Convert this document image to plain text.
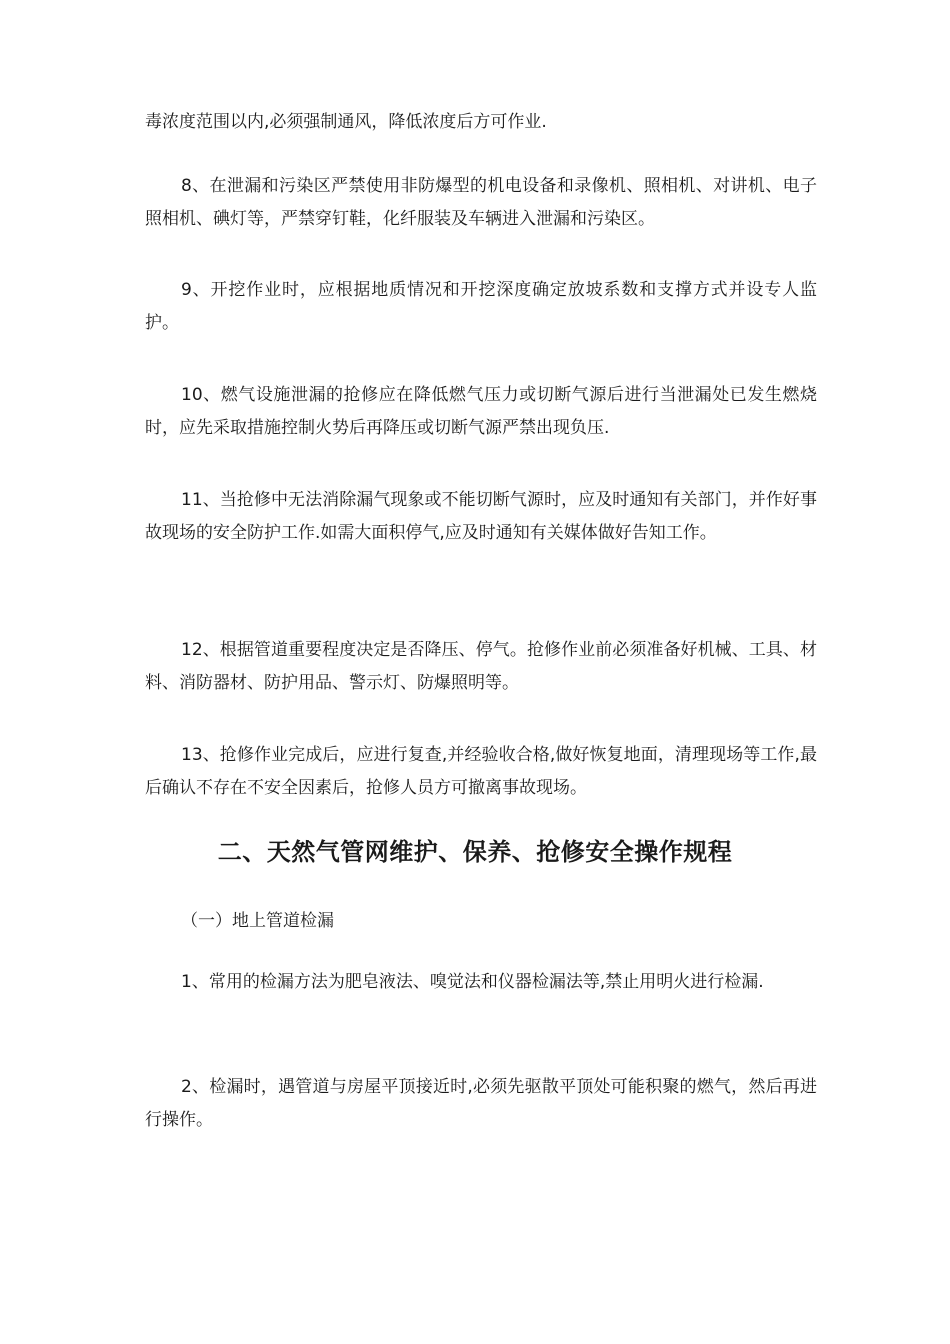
毒浓度范围以内,必须强制通风，降低浓度后方可作业.

8、在泄漏和污染区严禁使用非防爆型的机电设备和录像机、照相机、对讲机、电子照相机、碘灯等，严禁穿钉鞋，化纤服装及车辆进入泄漏和污染区。

9、开挖作业时，应根据地质情况和开挖深度确定放坡系数和支撑方式并设专人监护。

10、燃气设施泄漏的抢修应在降低燃气压力或切断气源后进行当泄漏处已发生燃烧时，应先采取措施控制火势后再降压或切断气源严禁出现负压.

11、当抢修中无法消除漏气现象或不能切断气源时，应及时通知有关部门，并作好事故现场的安全防护工作.如需大面积停气,应及时通知有关媒体做好告知工作。

12、根据管道重要程度决定是否降压、停气。抢修作业前必须准备好机械、工具、材料、消防器材、防护用品、警示灯、防爆照明等。

13、抢修作业完成后，应进行复查,并经验收合格,做好恢复地面，清理现场等工作,最后确认不存在不安全因素后，抢修人员方可撤离事故现场。

二、天然气管网维护、保养、抢修安全操作规程

（一）地上管道检漏

1、常用的检漏方法为肥皂液法、嗅觉法和仪器检漏法等,禁止用明火进行检漏.

2、检漏时，遇管道与房屋平顶接近时,必须先驱散平顶处可能积聚的燃气，然后再进行操作。
